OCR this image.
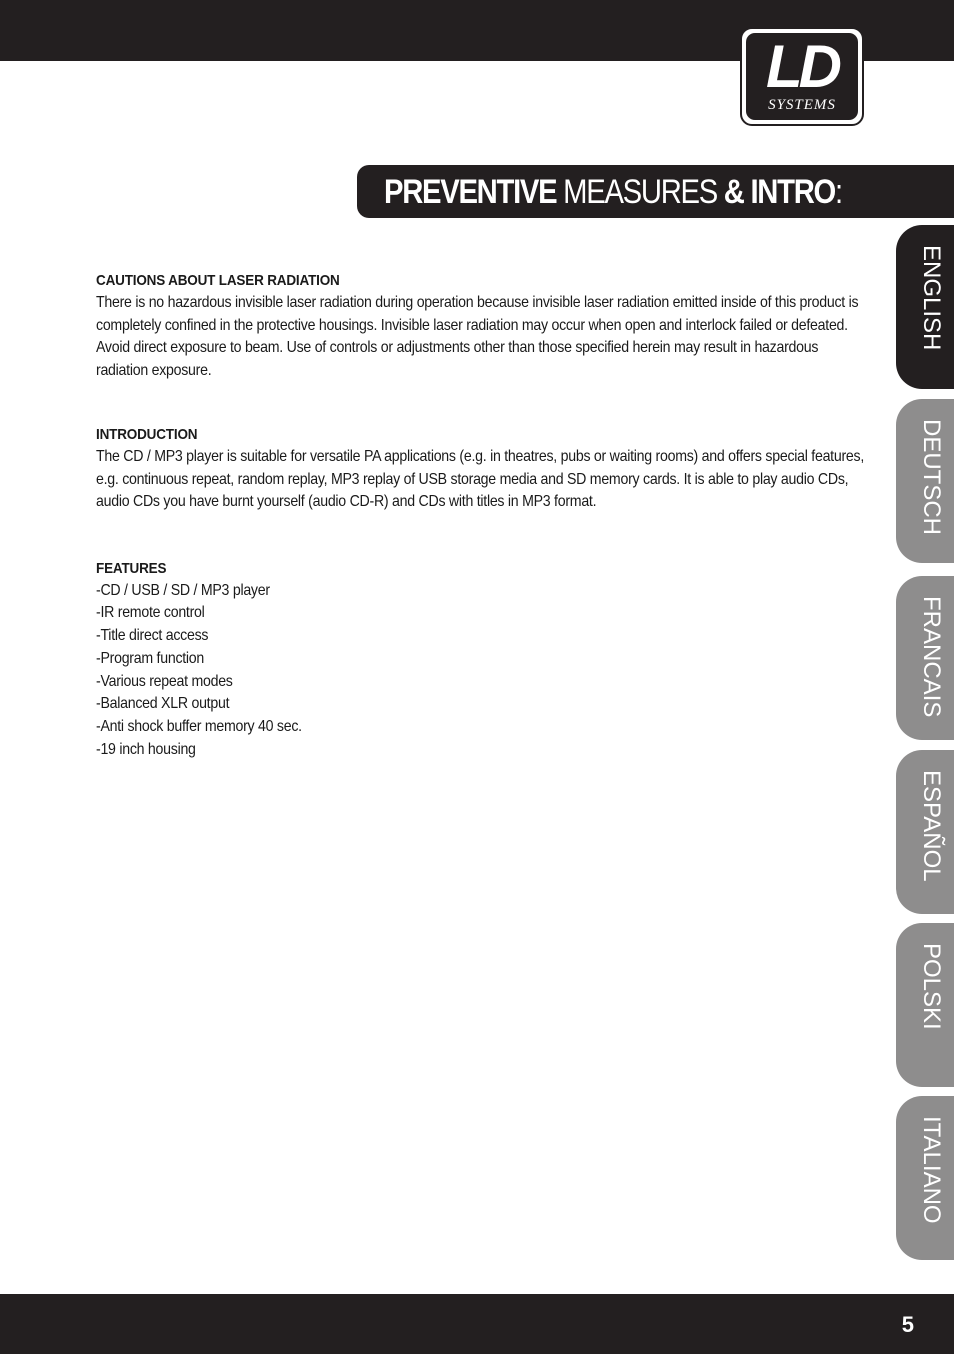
LD
SYSTEMS
PREVENTIVE MEASURES & INTRO:
CAUTIONS ABOUT LASER RADIATION
There is no hazardous invisible laser radiation during operation because invisible laser radiation emitted inside of this product is completely confined in the protective housings. Invisible laser radiation may occur when open and interlock failed or defeated. Avoid direct exposure to beam. Use of controls or adjustments other than those specified herein may result in hazardous radiation exposure.
INTRODUCTION
The CD / MP3 player is suitable for versatile PA applications (e.g. in theatres, pubs or waiting rooms) and offers special features, e.g. continuous repeat, random replay, MP3 replay of USB storage media and SD memory cards. It is able to play audio CDs, audio CDs you have burnt yourself (audio CD-R) and CDs with titles in MP3 format.
FEATURES
-CD / USB / SD / MP3 player
-IR remote control
-Title direct access
-Program function
-Various repeat modes
-Balanced XLR output
-Anti shock buffer memory 40 sec.
-19 inch housing
ENGLISH
DEUTSCH
FRANCAIS
ESPAÑOL
POLSKI
ITALIANO
5
